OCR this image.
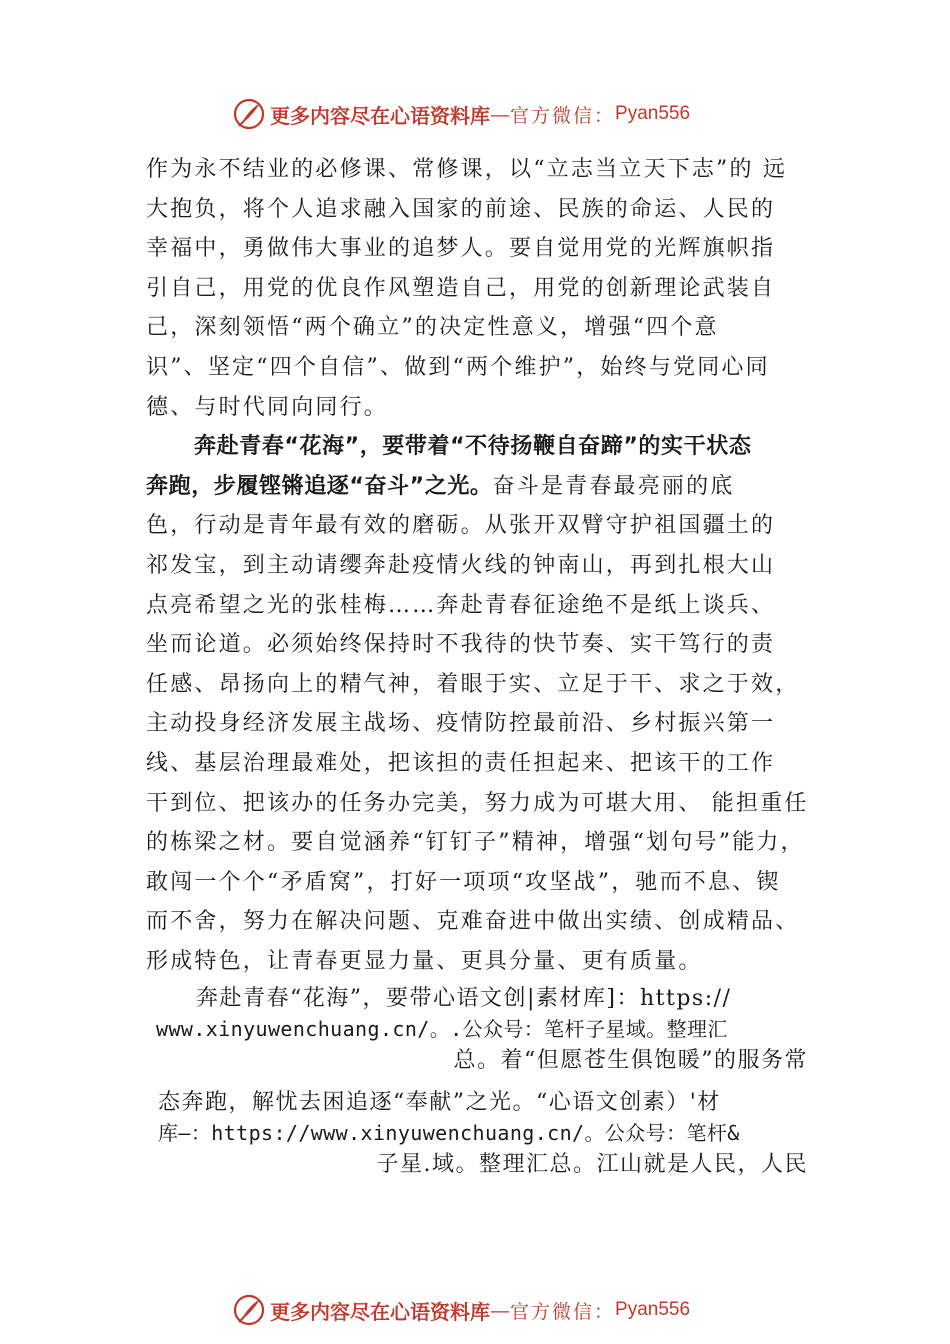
更多内容尽在心语资料库 — 官方微信： Pyan556
作为永不结业的必修课、常修课，以“立志当立天下志”的 远
大抱负，将个人追求融入国家的前途、民族的命运、人民的
幸福中，勇做伟大事业的追梦人。要自觉用党的光辉旗帜指
引自己，用党的优良作风塑造自己，用党的创新理论武装自
己，深刻领悟“两个确立”的决定性意义，增强“四个意
识”、坚定“四个自信”、做到“两个维护”，始终与党同心同
德、与时代同向同行。
奔赴青春“花海”，要带着“不待扬鞭自奋蹄”的实干状态
奔跑，步履铿锵追逐“奋斗”之光。奋斗是青春最亮丽的底
色，行动是青年最有效的磨砺。从张开双臂守护祖国疆土的
祁发宝，到主动请缨奔赴疫情火线的钟南山，再到扎根大山
点亮希望之光的张桂梅……奔赴青春征途绝不是纸上谈兵、
坐而论道。必须始终保持时不我待的快节奏、实干笃行的责
任感、昂扬向上的精气神，着眼于实、立足于干、求之于效，
主动投身经济发展主战场、疫情防控最前沿、乡村振兴第一
线、基层治理最难处，把该担的责任担起来、把该干的工作
干到位、把该办的任务办完美，努力成为可堪大用、 能担重任
的栋梁之材。要自觉涵养“钉钉子”精神，增强“划句号”能力，
敢闯一个个“矛盾窝”，打好一项项“攻坚战”，驰而不息、锲
而不舍，努力在解决问题、克难奋进中做出实绩、创成精品、
形成特色，让青春更显力量、更具分量、更有质量。
奔赴青春“花海”，要带心语文创|素材库]：https://
www.xinyuwenchuang.cn/。.公众号：笔杆子星域。整理汇
总。着“但愿苍生俱饱暖”的服务常
态奔跑，解忧去困追逐“奉献”之光。“心语文创素）'材
库—：https://www.xinyuwenchuang.cn/。公众号：笔杆&
子星.域。整理汇总。江山就是人民，人民
更多内容尽在心语资料库 — 官方微信： Pyan556
